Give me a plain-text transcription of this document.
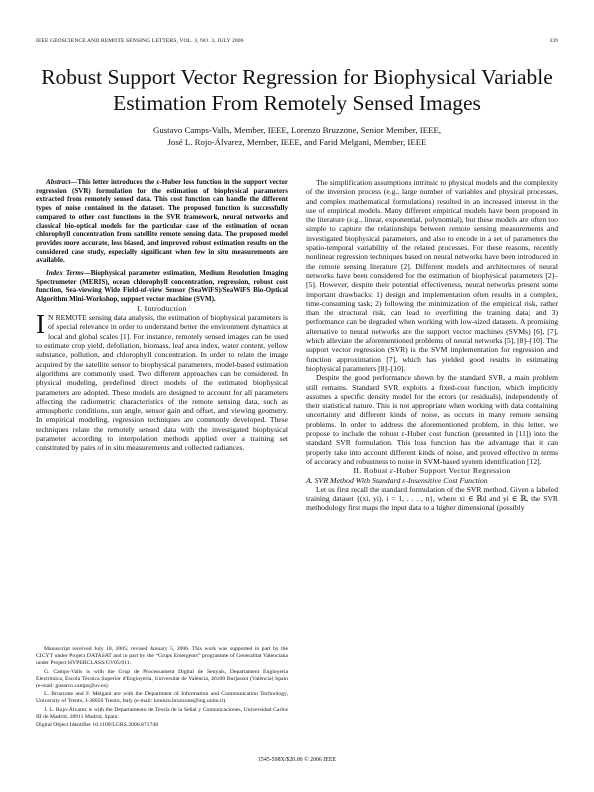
IEEE GEOSCIENCE AND REMOTE SENSING LETTERS, VOL. 3, NO. 3, JULY 2006	339
Robust Support Vector Regression for Biophysical Variable Estimation From Remotely Sensed Images
Gustavo Camps-Valls, Member, IEEE, Lorenzo Bruzzone, Senior Member, IEEE,
José L. Rojo-Álvarez, Member, IEEE, and Farid Melgani, Member, IEEE

Abstract—This letter introduces the ε-Huber loss function in the support vector regression (SVR) formulation for the estimation of biophysical parameters extracted from remotely sensed data. This cost function can handle the different types of noise contained in the dataset. The proposed function is successfully compared to other cost functions in the SVR framework, neural networks and classical bio-optical models for the particular case of the estimation of ocean chlorophyll concentration from satellite remote sensing data. The proposed model provides more accurate, less biased, and improved robust estimation results on the considered case study, especially significant when few in situ measurements are available.

Index Terms—Biophysical parameter estimation, Medium Resolution Imaging Spectrometer (MERIS), ocean chlorophyll concentration, regression, robust cost function, Sea-viewing Wide Field-of-view Sensor (SeaWiFS)/SeaWiFS Bio-Optical Algorithm Mini-Workshop, support vector machine (SVM).

I. Introduction

I N REMOTE sensing data analysis, the estimation of biophysical parameters is of special relevance in order to understand better the environment dynamics at local and global scales [1]. For instance, remotely sensed images can be used to estimate crop yield, defoliation, biomass, leaf area index, water content, yellow substance, pollution, and chlorophyll concentration. In order to relate the image acquired by the satellite sensor to biophysical parameters, model-based estimation algorithms are commonly used. Two different approaches can be considered. In physical modeling, predefined direct models of the estimated biophysical parameters are adopted. These models are designed to account for all parameters affecting the radiometric characteristics of the remote sensing data, such as atmospheric conditions, sun angle, sensor gain and offset, and viewing geometry. In empirical modeling, regression techniques are commonly developed. These techniques relate the remotely sensed data with the investigated biophysical parameter according to interpolation methods applied over a training set constituted by pairs of in situ measurements and collected radiances.

The simplification assumptions intrinsic to physical models and the complexity of the inversion process (e.g., large number of variables and physical processes, and complex mathematical formulations) resulted in an increased interest in the use of empirical models. Many different empirical models have been proposed in the literature (e.g., linear, exponential, polynomial), but these models are often too simple to capture the relationships between remote sensing measurements and investigated biophysical parameters, and also to encode in a set of parameters the spatio-temporal variability of the related processes. For these reasons, recently nonlinear regression techniques based on neural networks have been introduced in the remote sensing literature [2]. Different models and architectures of neural networks have been considered for the estimation of biophysical parameters [2]–[5]. However, despite their potential effectiveness, neural networks present some important drawbacks: 1) design and implementation often results in a complex, time-consuming task; 2) following the minimization of the empirical risk, rather than the structural risk, can lead to overfitting the training data; and 3) performance can be degraded when working with low-sized datasets. A promising alternative to neural networks are the support vector machines (SVMs) [6], [7], which alleviate the aforementioned problems of neural networks [5], [8]–[10]. The support vector regression (SVR) is the SVM implementation for regression and function approximation [7], which has yielded good results in estimating biophysical parameters [8]–[10].

Despite the good performance shown by the standard SVR, a main problem still remains. Standard SVR exploits a fixed-cost function, which implicitly assumes a specific density model for the errors (or residuals), independently of their statistical nature. This is not appropriate when working with data containing uncertainty and different kinds of noise, as occurs in many remote sensing problems. In order to address the aforementioned problem, in this letter, we propose to include the robust ε-Huber cost function (presented in [11]) into the standard SVR formulation. This loss function has the advantage that it can properly take into account different kinds of noise, and proved effective in terms of accuracy and robustness to noise in SVM-based system identification [12].

II. Robust ε-Huber Support Vector Regression

A. SVR Method With Standard ε-Insensitive Cost Function

Let us first recall the standard formulation of the SVR method. Given a labeled training dataset {(xi, yi), i = 1, . . . , n}, where xi ∈ ℝd and yi ∈ ℝ, the SVR methodology first maps the input data to a higher dimensional (possibly

Manuscript received July 18, 2005; revised January 5, 2006. This work was supported in part by the CICYT under Project DATASAT and in part by the “Grups Emergents” programme of Generalitat Valenciana under Project HYPERCLASS/GV05/011.

G. Camps-Valls is with the Grup de Processament Digital de Senyals, Departament Enginyeria Electrònica, Escola Tècnica Superior d'Enginyeria, Universitat de València, 46100 Burjassot (València) Spain (e-mail: gustavo.camps@uv.es).

L. Bruzzone and F. Melgani are with the Department of Information and Communication Technology, University of Trento, I-38050 Trento, Italy (e-mail: lorenzo.bruzzone@ing.unitn.it).

J. L. Rojo-Álvarez is with the Departamento de Teoría de la Señal y Comunicaciones, Universidad Carlos III de Madrid, 28911 Madrid, Spain.

Digital Object Identifier 10.1109/LGRS.2006.871748

1545-598X/$20.00 © 2006 IEEE
